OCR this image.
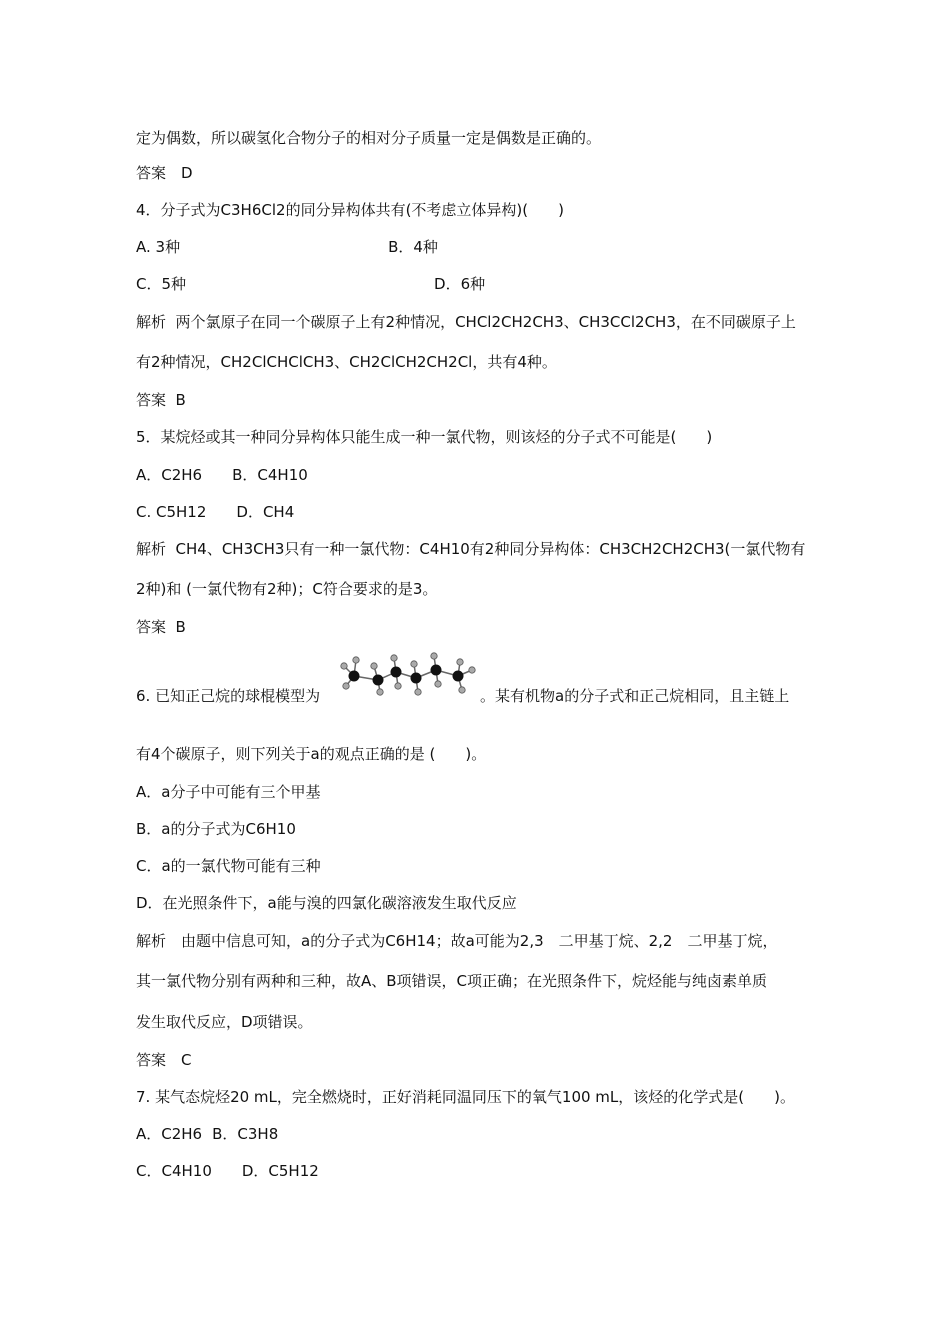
定为偶数，所以碳氢化合物分子的相对分子质量一定是偶数是正确的。
答案　D
4．分子式为C3H6Cl2的同分异构体共有(不考虑立体异构)(　　)
A. 3种	B．4种
C．5种	D．6种
解析  两个氯原子在同一个碳原子上有2种情况，CHCl2CH2CH3、CH3CCl2CH3，在不同碳原子上
有2种情况，CH2ClCHClCH3、CH2ClCH2CH2Cl，共有4种。
答案  B
5．某烷烃或其一种同分异构体只能生成一种一氯代物，则该烃的分子式不可能是(　　)
A．C2H6 B．C4H10
C. C5H12 D．CH4
解析  CH4、CH3CH3只有一种一氯代物：C4H10有2种同分异构体：CH3CH2CH2CH3(一氯代物有
2种)和 (一氯代物有2种)；C符合要求的是3。
答案  B
6. 已知正己烷的球棍模型为	。某有机物a的分子式和正己烷相同，且主链上
有4个碳原子，则下列关于a的观点正确的是 (　　)。
A．a分子中可能有三个甲基
B．a的分子式为C6H10
C．a的一氯代物可能有三种
D．在光照条件下，a能与溴的四氯化碳溶液发生取代反应
解析　由题中信息可知，a的分子式为C6H14；故a可能为2,3　二甲基丁烷、2,2　二甲基丁烷，
其一氯代物分别有两种和三种，故A、B项错误，C项正确；在光照条件下，烷烃能与纯卤素单质
发生取代反应，D项错误。
答案　C
7. 某气态烷烃20 mL，完全燃烧时，正好消耗同温同压下的氧气100 mL，该烃的化学式是(　　)。
A．C2H6 B．C3H8
C．C4H10 D．C5H12
